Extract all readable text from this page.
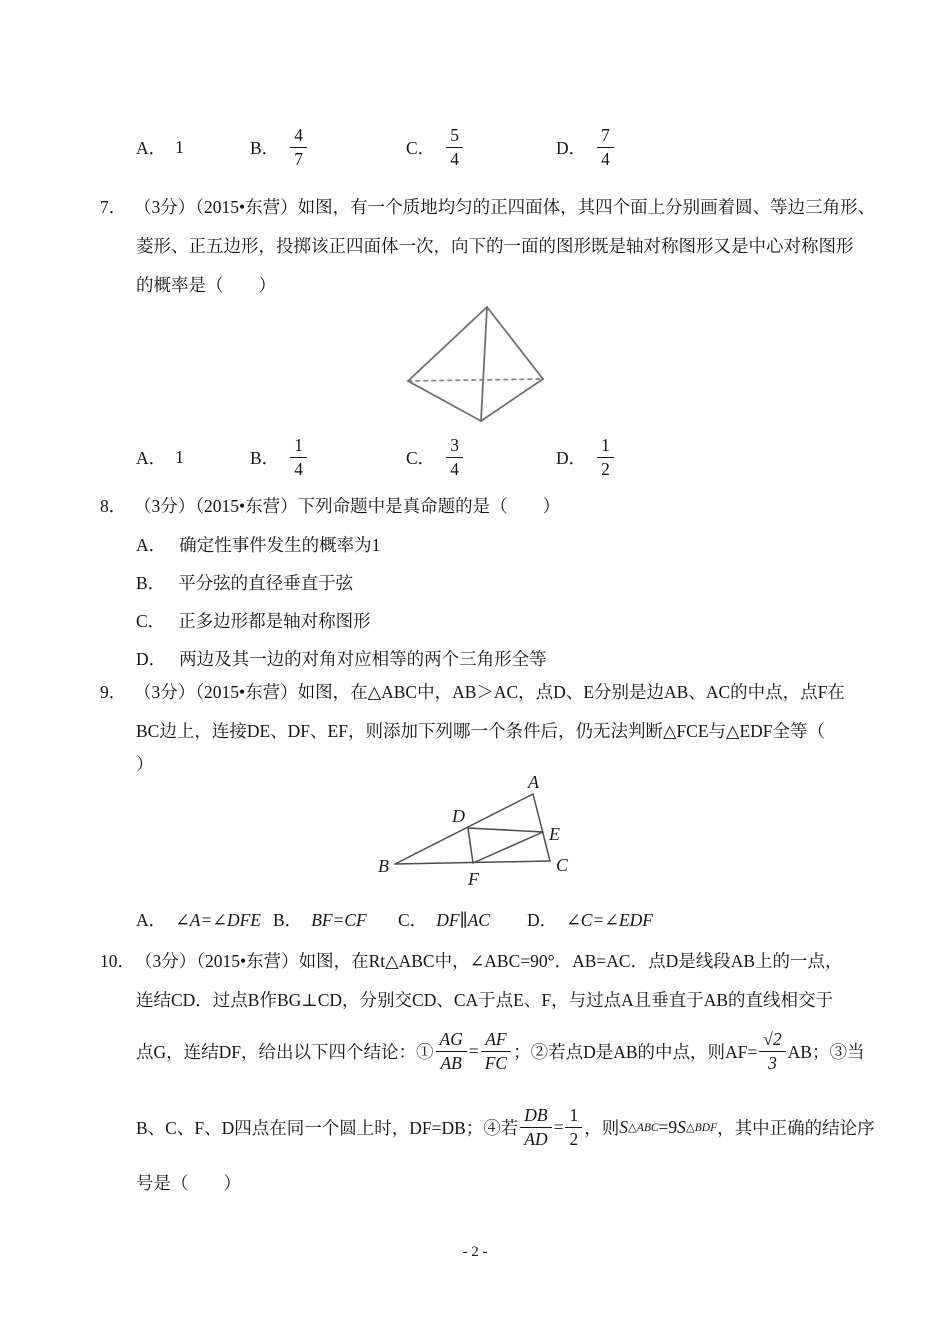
A． 1	B． $\frac{4}{7}$	C． $\frac{5}{4}$	D． $\frac{7}{4}$
7． （3分）（2015•东营）如图，有一个质地均匀的正四面体，其四个面上分别画着圆、等边三角形、
菱形、正五边形，投掷该正四面体一次，向下的一面的图形既是轴对称图形又是中心对称图形
的概率是（　　）
A． 1	B． $\frac{1}{4}$	C． $\frac{3}{4}$	D． $\frac{1}{2}$
8． （3分）（2015•东营）下列命题中是真命题的是（　　）
A． 确定性事件发生的概率为1
B． 平分弦的直径垂直于弦
C． 正多边形都是轴对称图形
D． 两边及其一边的对角对应相等的两个三角形全等
9． （3分）（2015•东营）如图，在△ABC中，AB＞AC，点D、E分别是边AB、AC的中点，点F在
BC边上，连接DE、DF、EF，则添加下列哪一个条件后，仍无法判断△FCE与△EDF全等（
）
A
B	C
D
E
F
A． ∠A=∠DFE B． BF=CF	C． DF∥AC	D． ∠C=∠EDF
10．（3分）（2015•东营）如图，在Rt△ABC中，∠ABC=90°．AB=AC．点D是线段AB上的一点，
连结CD．过点B作BG⊥CD，分别交CD、CA于点E、F，与过点A且垂直于AB的直线相交于
点G，连结DF，给出以下四个结论：① $\frac{AG}{AB} = \frac{AF}{FC}$ ；②若点D是AB的中点，则$AF= \frac{√2}{3}$ AB；③当
B、C、F、D四点在同一个圆上时，DF=DB；④若 $\frac{DB}{AD} = \frac{1}{2}$ ，则 S △ABC =9 S △BDF ，其中正确的结论序
号是（　　）
- 2 -
